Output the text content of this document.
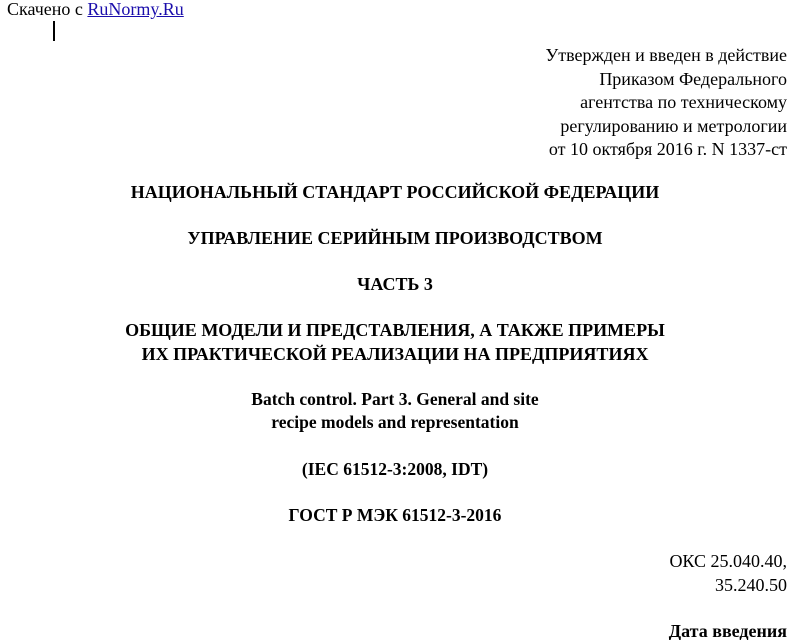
Скачено с RuNormy.Ru
Утвержден и введен в действие
Приказом Федерального
агентства по техническому
регулированию и метрологии
от 10 октября 2016 г. N 1337-ст
НАЦИОНАЛЬНЫЙ СТАНДАРТ РОССИЙСКОЙ ФЕДЕРАЦИИ
УПРАВЛЕНИЕ СЕРИЙНЫМ ПРОИЗВОДСТВОМ
ЧАСТЬ 3
ОБЩИЕ МОДЕЛИ И ПРЕДСТАВЛЕНИЯ, А ТАКЖЕ ПРИМЕРЫ
ИХ ПРАКТИЧЕСКОЙ РЕАЛИЗАЦИИ НА ПРЕДПРИЯТИЯХ
Batch control. Part 3. General and site
recipe models and representation
(IEC 61512-3:2008, IDT)
ГОСТ Р МЭК 61512-3-2016
ОКС 25.040.40,
35.240.50
Дата введения
